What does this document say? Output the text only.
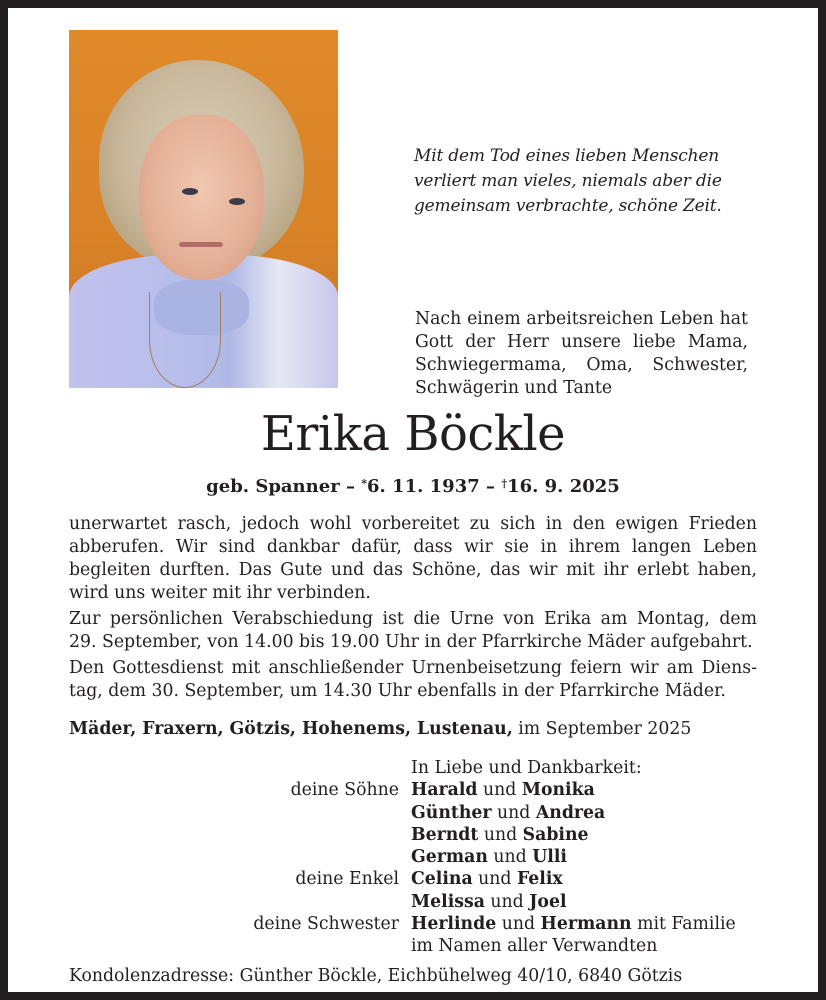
Mit dem Tod eines lieben Menschen
verliert man vieles, niemals aber die
gemeinsam verbrachte, schöne Zeit.
Nach einem arbeitsreichen Leben hat
Gott der Herr unsere liebe Mama,
Schwiegermama, Oma, Schwester,
Schwägerin und Tante
Erika Böckle
geb. Spanner – *6. 11. 1937 – †16. 9. 2025
unerwartet rasch, jedoch wohl vorbereitet zu sich in den ewigen Frieden
abberufen. Wir sind dankbar dafür, dass wir sie in ihrem langen Leben
begleiten durften. Das Gute und das Schöne, das wir mit ihr erlebt haben,
wird uns weiter mit ihr verbinden.
Zur persönlichen Verabschiedung ist die Urne von Erika am Montag, dem
29. September, von 14.00 bis 19.00 Uhr in der Pfarrkirche Mäder aufgebahrt.
Den Gottesdienst mit anschließender Urnenbeisetzung feiern wir am Diens-
tag, dem 30. September, um 14.30 Uhr ebenfalls in der Pfarrkirche Mäder.
Mäder, Fraxern, Götzis, Hohenems, Lustenau, im September 2025
In Liebe und Dankbarkeit:
deine Söhne Harald und Monika
Günther und Andrea
Berndt und Sabine
German und Ulli
deine Enkel Celina und Felix
Melissa und Joel
deine Schwester Herlinde und Hermann mit Familie
im Namen aller Verwandten
Kondolenzadresse: Günther Böckle, Eichbühelweg 40/10, 6840 Götzis
